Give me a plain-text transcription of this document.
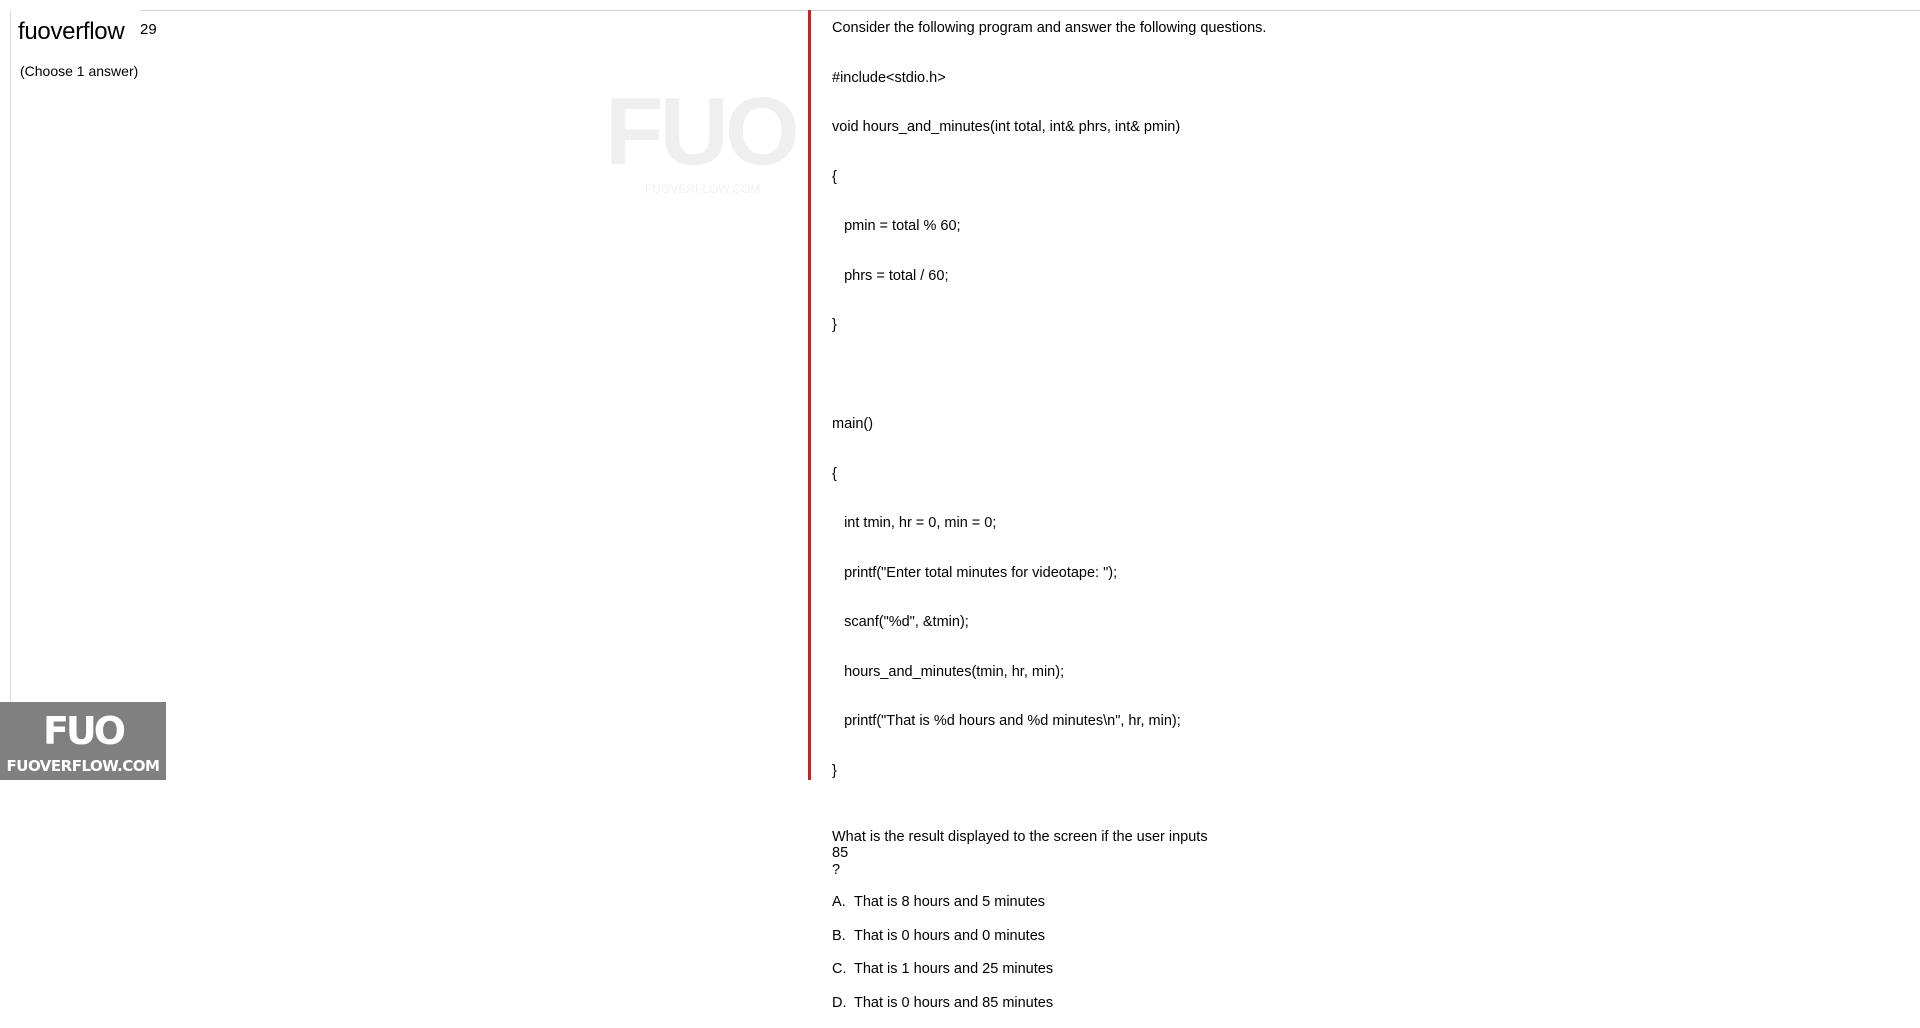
29
fuoverflow
(Choose 1 answer)
FUO
FUOVERFLOW.COM
Consider the following program and answer the following questions.

#include<stdio.h>

void hours_and_minutes(int total, int& phrs, int& pmin)

{

pmin = total % 60;

phrs = total / 60;

}

main()

{

int tmin, hr = 0, min = 0;

printf("Enter total minutes for videotape: ");

scanf("%d", &tmin);

hours_and_minutes(tmin, hr, min);

printf("That is %d hours and %d minutes\n", hr, min);

}

What is the result displayed to the screen if the user inputs
85
?
A. That is 8 hours and 5 minutes
B. That is 0 hours and 0 minutes
C. That is 1 hours and 25 minutes
D. That is 0 hours and 85 minutes
FUO
FUOVERFLOW.COM
